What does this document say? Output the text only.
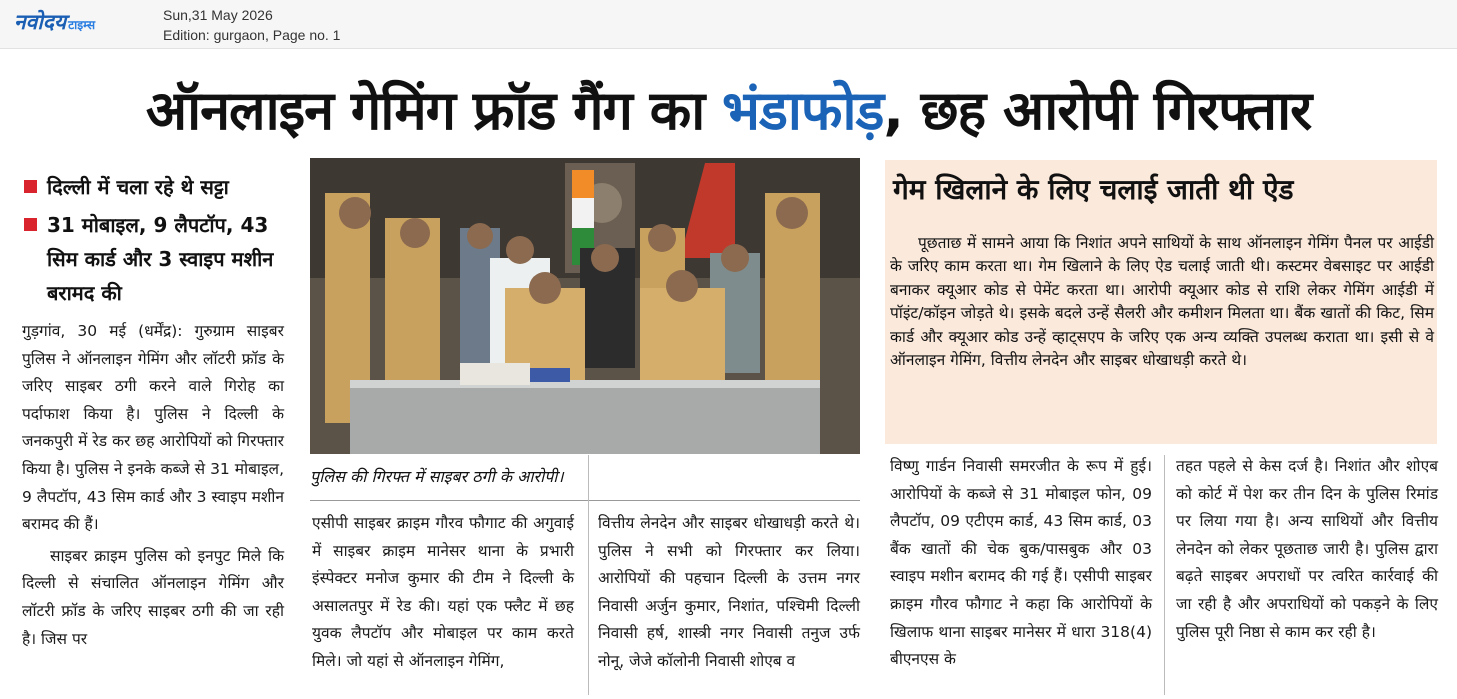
नवोदय टाइम्स
Sun,31 May 2026
Edition: gurgaon, Page no. 1
ऑनलाइन गेमिंग फ्रॉड गैंग का भंडाफोड़, छह आरोपी गिरफ्तार
दिल्ली में चला रहे थे सट्टा
31 मोबाइल, 9 लैपटॉप, 43 सिम कार्ड और 3 स्वाइप मशीन बरामद की

गुड़गांव, 30 मई (धर्मेंद्र): गुरुग्राम साइबर पुलिस ने ऑनलाइन गेमिंग और लॉटरी फ्रॉड के जरिए साइबर ठगी करने वाले गिरोह का पर्दाफाश किया है। पुलिस ने दिल्ली के जनकपुरी में रेड कर छह आरोपियों को गिरफ्तार किया है। पुलिस ने इनके कब्जे से 31 मोबाइल, 9 लैपटॉप, 43 सिम कार्ड और 3 स्वाइप मशीन बरामद की हैं।

साइबर क्राइम पुलिस को इनपुट मिले कि दिल्ली से संचालित ऑनलाइन गेमिंग और लॉटरी फ्रॉड के जरिए साइबर ठगी की जा रही है। जिस पर

पुलिस की गिरफ्त में साइबर ठगी के आरोपी।

एसीपी साइबर क्राइम गौरव फौगाट की अगुवाई में साइबर क्राइम मानेसर थाना के प्रभारी इंस्पेक्टर मनोज कुमार की टीम ने दिल्ली के असालतपुर में रेड की। यहां एक फ्लैट में छह युवक लैपटॉप और मोबाइल पर काम करते मिले। जो यहां से ऑनलाइन गेमिंग,

वित्तीय लेनदेन और साइबर धोखाधड़ी करते थे। पुलिस ने सभी को गिरफ्तार कर लिया। आरोपियों की पहचान दिल्ली के उत्तम नगर निवासी अर्जुन कुमार, निशांत, पश्चिमी दिल्ली निवासी हर्ष, शास्त्री नगर निवासी तनुज उर्फ नोनू, जेजे कॉलोनी निवासी शोएब व

गेम खिलाने के लिए चलाई जाती थी ऐड
पूछताछ में सामने आया कि निशांत अपने साथियों के साथ ऑनलाइन गेमिंग पैनल पर आईडी के जरिए काम करता था। गेम खिलाने के लिए ऐड चलाई जाती थी। कस्टमर वेबसाइट पर आईडी बनाकर क्यूआर कोड से पेमेंट करता था। आरोपी क्यूआर कोड से राशि लेकर गेमिंग आईडी में पॉइंट/कॉइन जोड़ते थे। इसके बदले उन्हें सैलरी और कमीशन मिलता था। बैंक खातों की किट, सिम कार्ड और क्यूआर कोड उन्हें व्हाट्सएप के जरिए एक अन्य व्यक्ति उपलब्ध कराता था। इसी से वे ऑनलाइन गेमिंग, वित्तीय लेनदेन और साइबर धोखाधड़ी करते थे।

विष्णु गार्डन निवासी समरजीत के रूप में हुई। आरोपियों के कब्जे से 31 मोबाइल फोन, 09 लैपटॉप, 09 एटीएम कार्ड, 43 सिम कार्ड, 03 बैंक खातों की चेक बुक/पासबुक और 03 स्वाइप मशीन बरामद की गई हैं। एसीपी साइबर क्राइम गौरव फौगाट ने कहा कि आरोपियों के खिलाफ थाना साइबर मानेसर में धारा 318(4) बीएनएस के

तहत पहले से केस दर्ज है। निशांत और शोएब को कोर्ट में पेश कर तीन दिन के पुलिस रिमांड पर लिया गया है। अन्य साथियों और वित्तीय लेनदेन को लेकर पूछताछ जारी है। पुलिस द्वारा बढ़ते साइबर अपराधों पर त्वरित कार्रवाई की जा रही है और अपराधियों को पकड़ने के लिए पुलिस पूरी निष्ठा से काम कर रही है।
